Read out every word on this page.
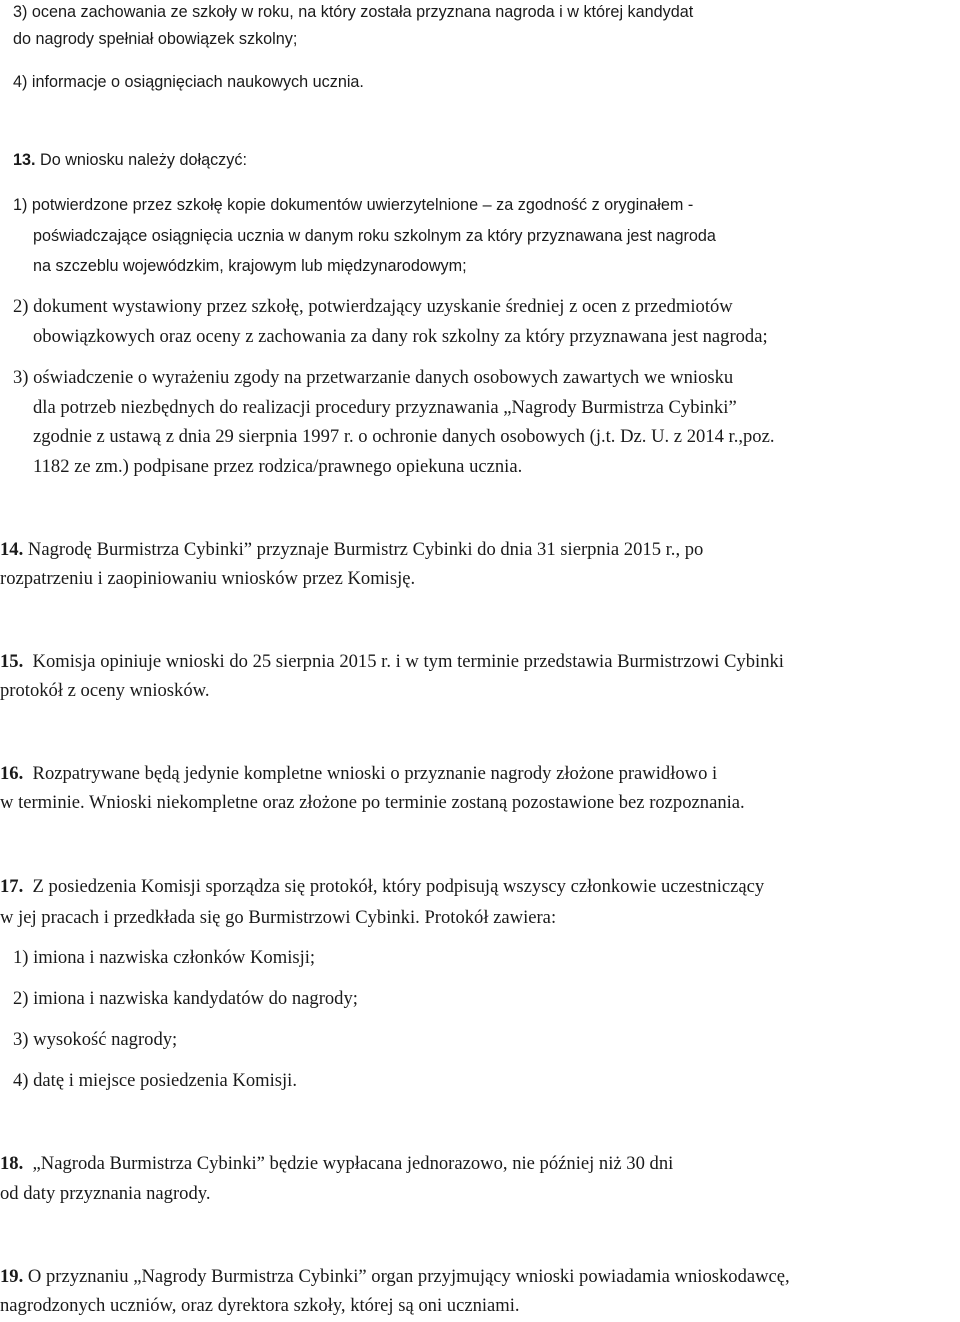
3) ocena zachowania ze szkoły w roku, na który została przyznana nagroda i w której kandydat
do nagrody spełniał obowiązek szkolny;
4) informacje o osiągnięciach naukowych ucznia.
13. Do wniosku należy dołączyć:
1) potwierdzone przez szkołę kopie dokumentów uwierzytelnione – za zgodność z oryginałem -
poświadczające osiągnięcia ucznia w danym roku szkolnym za który przyznawana jest nagroda
na szczeblu wojewódzkim, krajowym lub międzynarodowym;
2) dokument wystawiony przez szkołę, potwierdzający uzyskanie średniej z ocen z przedmiotów
obowiązkowych oraz oceny z zachowania za dany rok szkolny za który przyznawana jest nagroda;
3) oświadczenie o wyrażeniu zgody na przetwarzanie danych osobowych zawartych we wniosku
dla potrzeb niezbędnych do realizacji procedury przyznawania „Nagrody Burmistrza Cybinki”
zgodnie z ustawą z dnia 29 sierpnia 1997 r. o ochronie danych osobowych (j.t. Dz. U. z 2014 r.,poz.
1182 ze zm.) podpisane przez rodzica/prawnego opiekuna ucznia.
14. Nagrodę Burmistrza Cybinki” przyznaje Burmistrz Cybinki do dnia 31 sierpnia 2015 r., po
rozpatrzeniu i zaopiniowaniu wniosków przez Komisję.
15.  Komisja opiniuje wnioski do 25 sierpnia 2015 r. i w tym terminie przedstawia Burmistrzowi Cybinki
protokół z oceny wniosków.
16.  Rozpatrywane będą jedynie kompletne wnioski o przyznanie nagrody złożone prawidłowo i
w terminie. Wnioski niekompletne oraz złożone po terminie zostaną pozostawione bez rozpoznania.
17.  Z posiedzenia Komisji sporządza się protokół, który podpisują wszyscy członkowie uczestniczący
w jej pracach i przedkłada się go Burmistrzowi Cybinki. Protokół zawiera:
1) imiona i nazwiska członków Komisji;
2) imiona i nazwiska kandydatów do nagrody;
3) wysokość nagrody;
4) datę i miejsce posiedzenia Komisji.
18.  „Nagroda Burmistrza Cybinki” będzie wypłacana jednorazowo, nie później niż 30 dni
od daty przyznania nagrody.
19. O przyznaniu „Nagrody Burmistrza Cybinki” organ przyjmujący wnioski powiadamia wnioskodawcę,
nagrodzonych uczniów, oraz dyrektora szkoły, której są oni uczniami.
